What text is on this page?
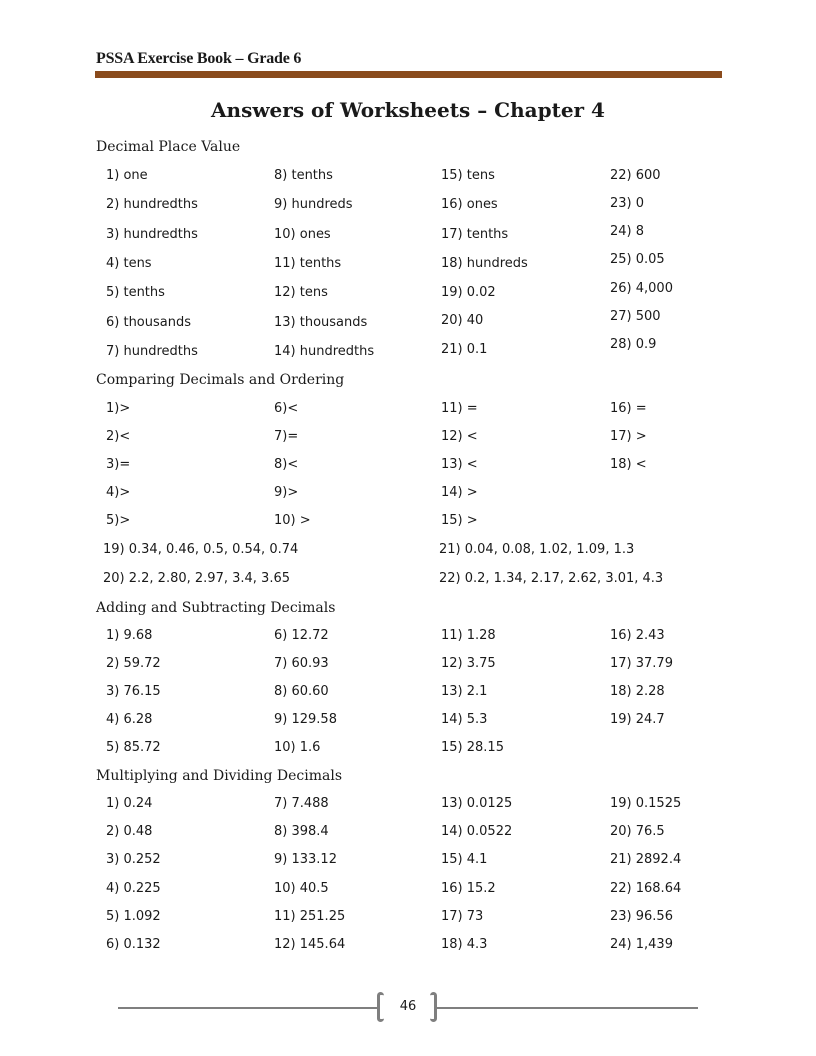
PSSA Exercise Book – Grade 6
Answers of Worksheets – Chapter 4
Decimal Place Value
1) one
2) hundredths
3) hundredths
4) tens
5) tenths
6) thousands
7) hundredths
8) tenths
9) hundreds
10) ones
11) tenths
12) tens
13) thousands
14) hundredths
15) tens
16) ones
17) tenths
18) hundreds
19) 0.02
20) 40
21) 0.1
22) 600
23) 0
24) 8
25) 0.05
26) 4,000
27) 500
28) 0.9
Comparing Decimals and Ordering
1)>
2)<
3)=
4)>
5)>
6)<
7)=
8)<
9)>
10) >
11) =
12) <
13) <
14) >
15) >
16) =
17) >
18) <
19) 0.34, 0.46, 0.5, 0.54, 0.74	21) 0.04, 0.08, 1.02, 1.09, 1.3
20) 2.2, 2.80, 2.97, 3.4, 3.65	22) 0.2, 1.34, 2.17, 2.62, 3.01, 4.3
Adding and Subtracting Decimals
1) 9.68
2) 59.72
3) 76.15
4) 6.28
5) 85.72
6) 12.72
7) 60.93
8) 60.60
9) 129.58
10) 1.6
11) 1.28
12) 3.75
13) 2.1
14) 5.3
15) 28.15
16) 2.43
17) 37.79
18) 2.28
19) 24.7
Multiplying and Dividing Decimals
1) 0.24
2) 0.48
3) 0.252
4) 0.225
5) 1.092
6) 0.132
7) 7.488
8) 398.4
9) 133.12
10) 40.5
11) 251.25
12) 145.64
13) 0.0125
14) 0.0522
15) 4.1
16) 15.2
17) 73
18) 4.3
19) 0.1525
20) 76.5
21) 2892.4
22) 168.64
23) 96.56
24) 1,439
46
